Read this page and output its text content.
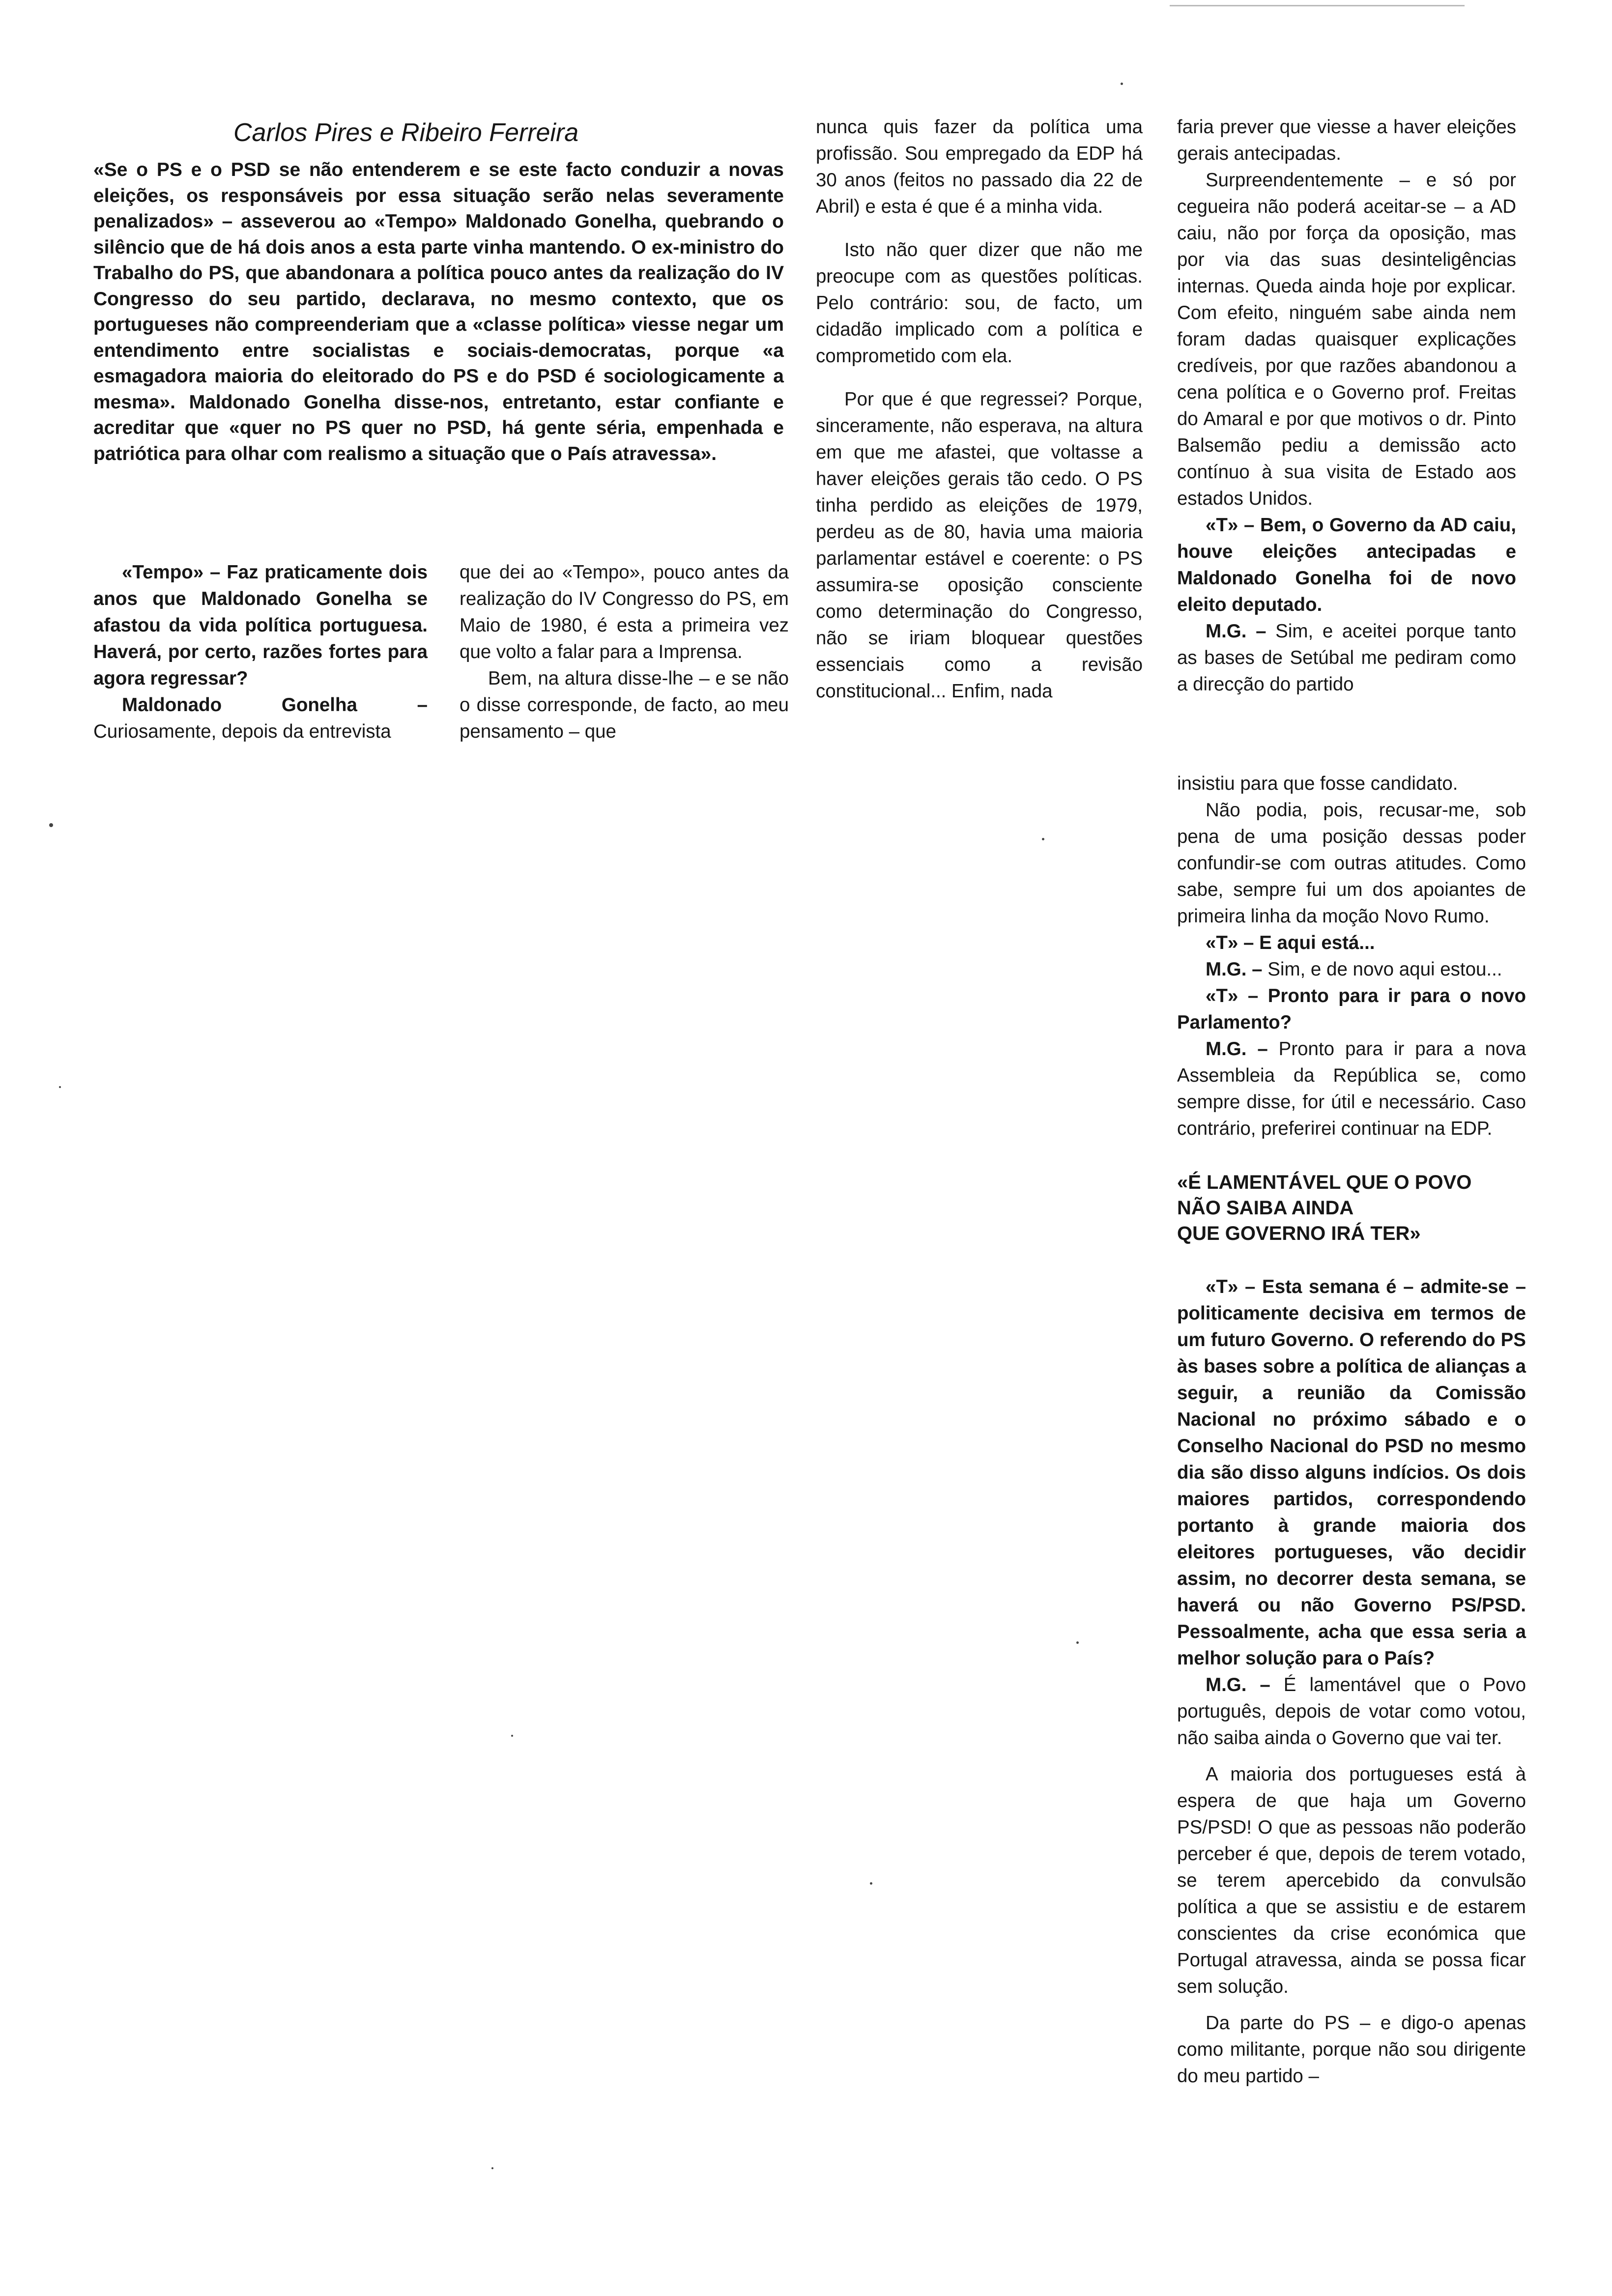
Carlos Pires e Ribeiro Ferreira

«Se o PS e o PSD se não entenderem e se este facto conduzir a novas eleições, os responsáveis por essa situação serão nelas severamente penalizados» – asseverou ao «Tempo» Maldonado Gonelha, quebrando o silêncio que de há dois anos a esta parte vinha mantendo. O ex-ministro do Trabalho do PS, que abandonara a política pouco antes da realização do IV Congresso do seu partido, declarava, no mesmo contexto, que os portugueses não compreenderiam que a «classe política» viesse negar um entendimento entre socialistas e sociais-democratas, porque «a esmagadora maioria do eleitorado do PS e do PSD é sociologicamente a mesma». Maldonado Gonelha disse-nos, entretanto, estar confiante e acreditar que «quer no PS quer no PSD, há gente séria, empenhada e patriótica para olhar com realismo a situação que o País atravessa».

«Tempo» – Faz praticamente dois anos que Maldonado Gonelha se afastou da vida política portuguesa. Haverá, por certo, razões fortes para agora regressar?

Maldonado Gonelha – Curiosamente, depois da entrevista

que dei ao «Tempo», pouco antes da realização do IV Congresso do PS, em Maio de 1980, é esta a primeira vez que volto a falar para a Imprensa.

Bem, na altura disse-lhe – e se não o disse corresponde, de facto, ao meu pensamento – que

nunca quis fazer da política uma profissão. Sou empregado da EDP há 30 anos (feitos no passado dia 22 de Abril) e esta é que é a minha vida.

Isto não quer dizer que não me preocupe com as questões políticas. Pelo contrário: sou, de facto, um cidadão implicado com a política e comprometido com ela.

Por que é que regressei? Porque, sinceramente, não esperava, na altura em que me afastei, que voltasse a haver eleições gerais tão cedo. O PS tinha perdido as eleições de 1979, perdeu as de 80, havia uma maioria parlamentar estável e coerente: o PS assumira-se oposição consciente como determinação do Congresso, não se iriam bloquear questões essenciais como a revisão constitucional... Enfim, nada

faria prever que viesse a haver eleições gerais antecipadas.

Surpreendentemente – e só por cegueira não poderá aceitar-se – a AD caiu, não por força da oposição, mas por via das suas desinteligências internas. Queda ainda hoje por explicar. Com efeito, ninguém sabe ainda nem foram dadas quaisquer explicações credíveis, por que razões abandonou a cena política e o Governo prof. Freitas do Amaral e por que motivos o dr. Pinto Balsemão pediu a demissão acto contínuo à sua visita de Estado aos estados Unidos.

«T» – Bem, o Governo da AD caiu, houve eleições antecipadas e Maldonado Gonelha foi de novo eleito deputado.

M.G. – Sim, e aceitei porque tanto as bases de Setúbal me pediram como a direcção do partido

insistiu para que fosse candidato.

Não podia, pois, recusar-me, sob pena de uma posição dessas poder confundir-se com outras atitudes. Como sabe, sempre fui um dos apoiantes de primeira linha da moção Novo Rumo.

«T» – E aqui está...

M.G. – Sim, e de novo aqui estou...

«T» – Pronto para ir para o novo Parlamento?

M.G. – Pronto para ir para a nova Assembleia da República se, como sempre disse, for útil e necessário. Caso contrário, preferirei continuar na EDP.

«É LAMENTÁVEL QUE O POVO
NÃO SAIBA AINDA
QUE GOVERNO IRÁ TER»

«T» – Esta semana é – admite-se – politicamente decisiva em termos de um futuro Governo. O referendo do PS às bases sobre a política de alianças a seguir, a reunião da Comissão Nacional no próximo sábado e o Conselho Nacional do PSD no mesmo dia são disso alguns indícios. Os dois maiores partidos, correspondendo portanto à grande maioria dos eleitores portugueses, vão decidir assim, no decorrer desta semana, se haverá ou não Governo PS/PSD. Pessoalmente, acha que essa seria a melhor solução para o País?

M.G. – É lamentável que o Povo português, depois de votar como votou, não saiba ainda o Governo que vai ter.

A maioria dos portugueses está à espera de que haja um Governo PS/PSD! O que as pessoas não poderão perceber é que, depois de terem votado, se terem apercebido da convulsão política a que se assistiu e de estarem conscientes da crise económica que Portugal atravessa, ainda se possa ficar sem solução.

Da parte do PS – e digo-o apenas como militante, porque não sou dirigente do meu partido –
